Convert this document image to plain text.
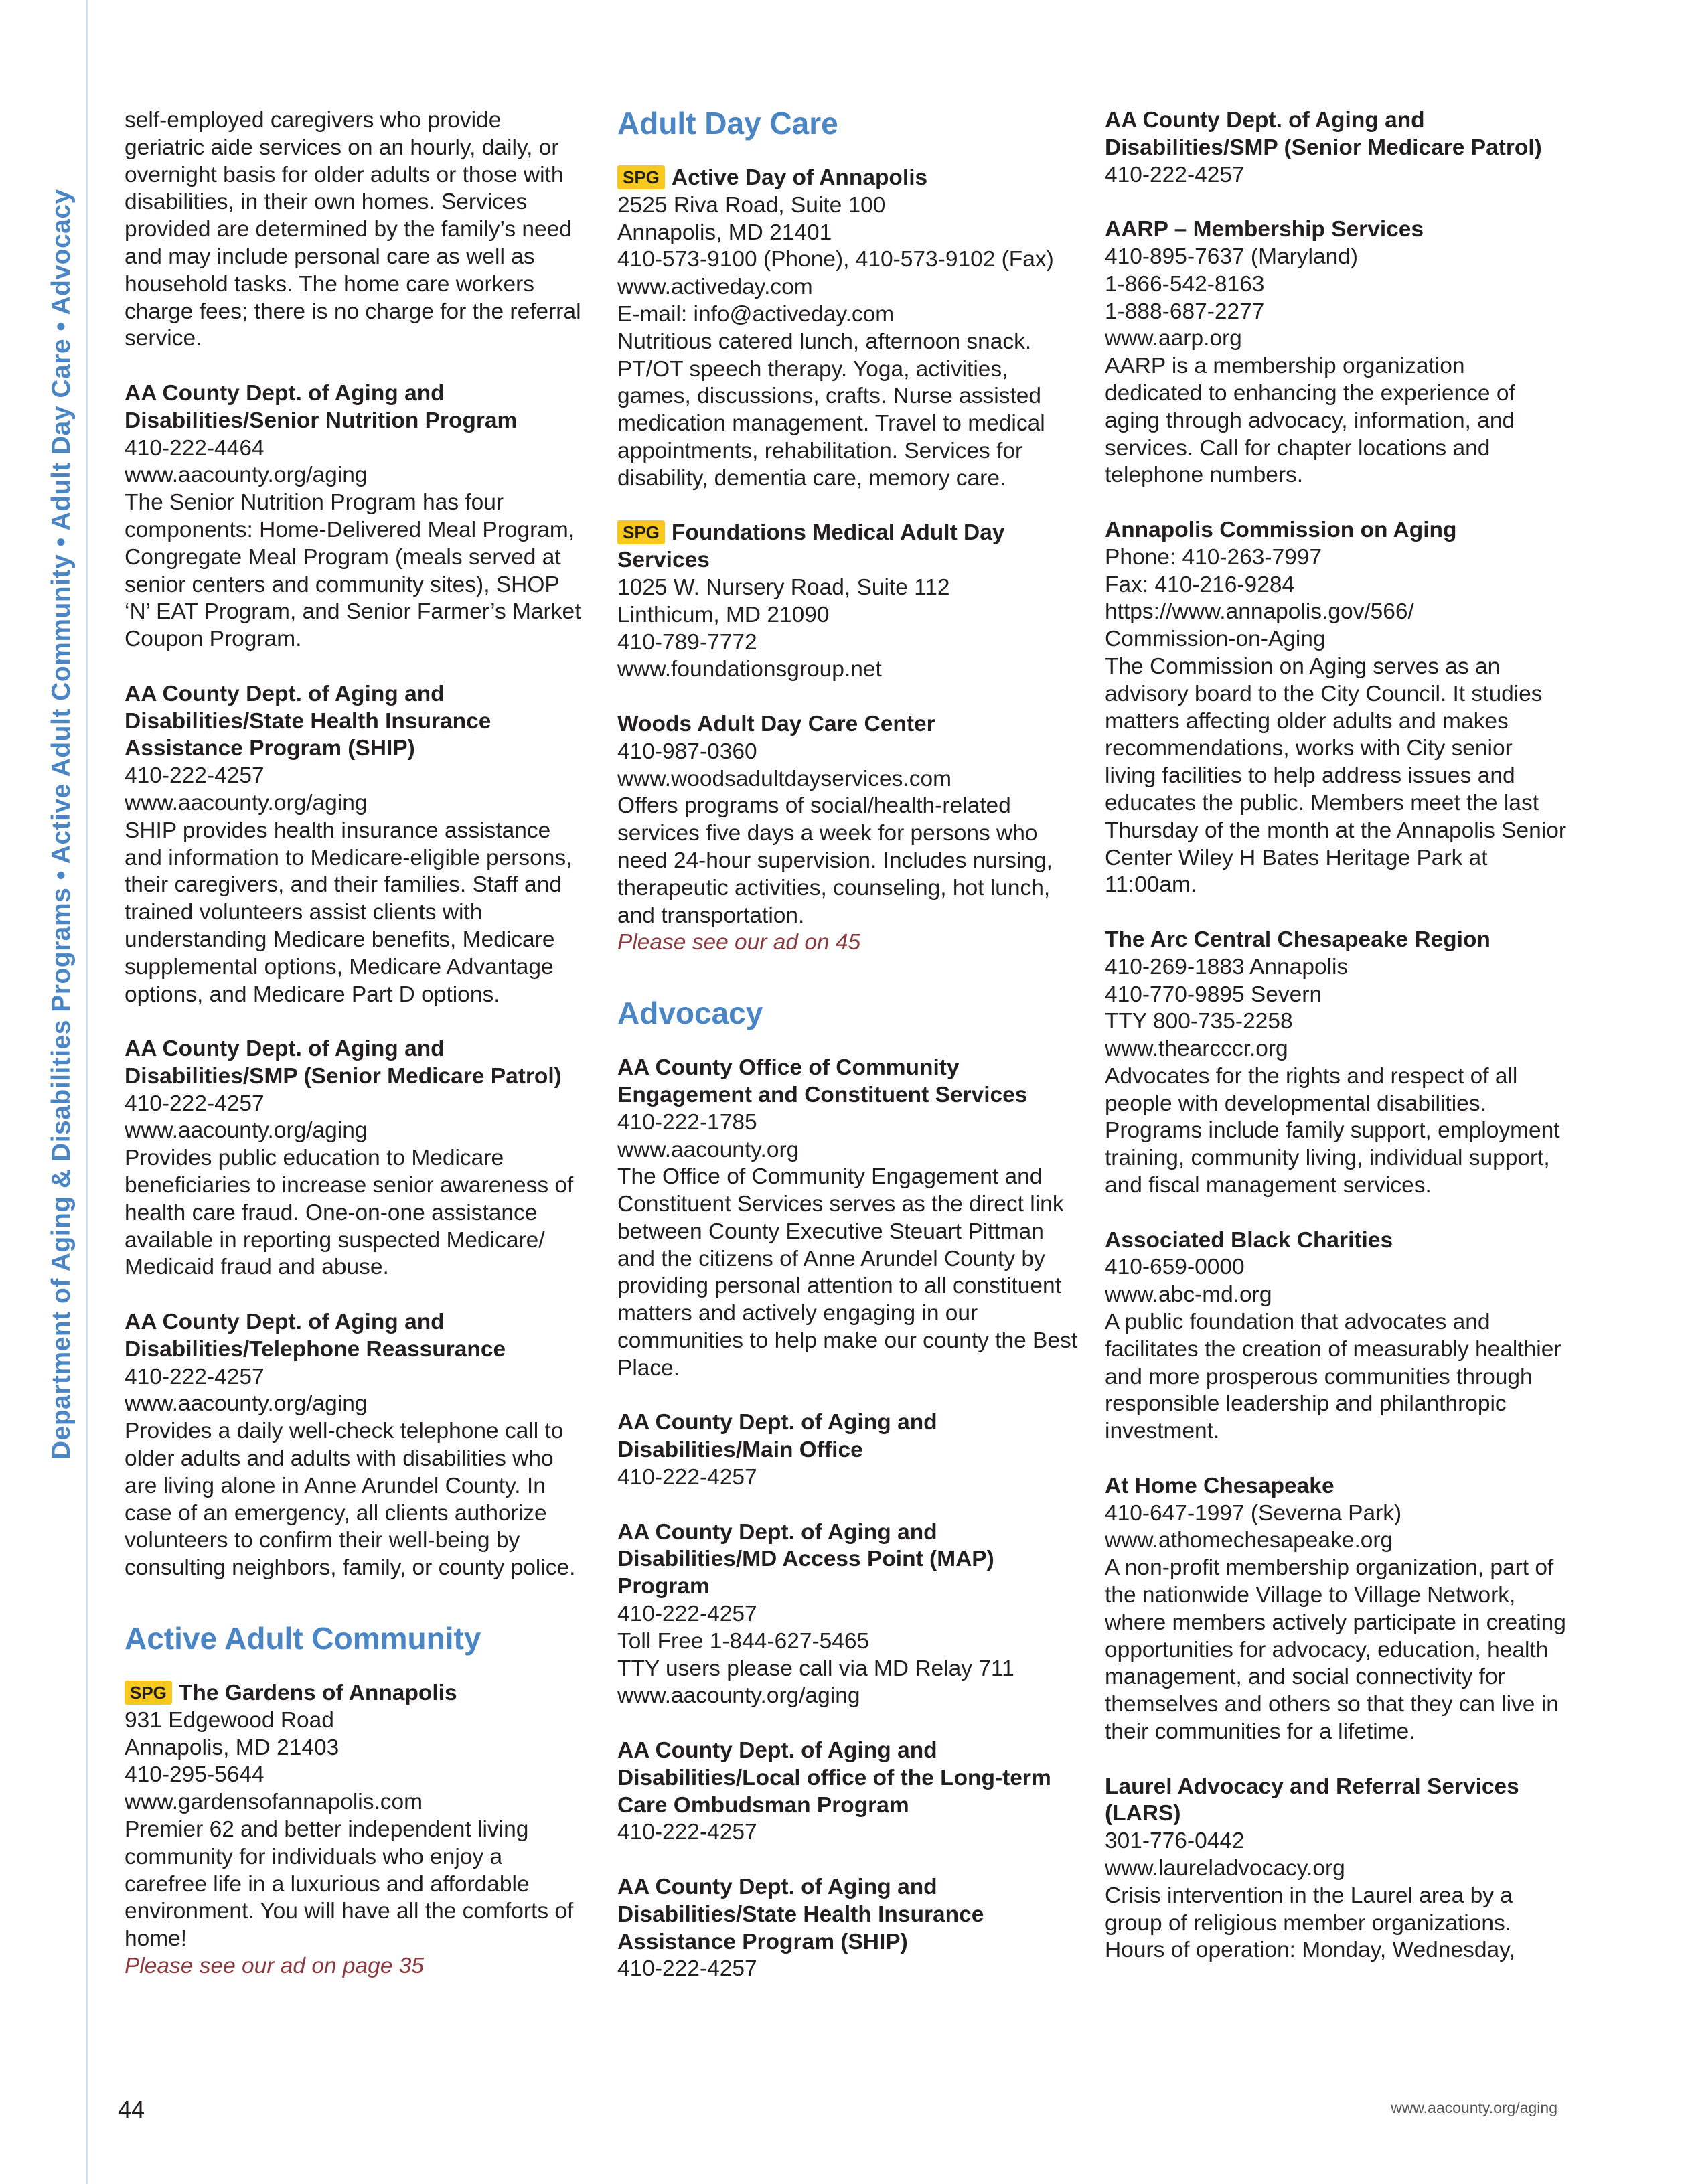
Department of Aging & Disabilities Programs • Active Adult Community • Adult Day Care • Advocacy

self-employed caregivers who provide geriatric aide services on an hourly, daily, or overnight basis for older adults or those with disabilities, in their own homes. Services provided are determined by the family’s need and may include personal care as well as household tasks. The home care workers charge fees; there is no charge for the referral service.

AA County Dept. of Aging and Disabilities/Senior Nutrition Program

410-222-4464

www.aacounty.org/aging

The Senior Nutrition Program has four components: Home-Delivered Meal Program, Congregate Meal Program (meals served at senior centers and community sites), SHOP ‘N’ EAT Program, and Senior Farmer’s Market Coupon Program.

AA County Dept. of Aging and Disabilities/State Health Insurance Assistance Program (SHIP)

410-222-4257

www.aacounty.org/aging

SHIP provides health insurance assistance and information to Medicare-eligible persons, their caregivers, and their families. Staff and trained volunteers assist clients with understanding Medicare benefits, Medicare supplemental options, Medicare Advantage options, and Medicare Part D options.

AA County Dept. of Aging and Disabilities/SMP (Senior Medicare Patrol)

410-222-4257

www.aacounty.org/aging

Provides public education to Medicare beneficiaries to increase senior awareness of health care fraud. One-on-one assistance available in reporting suspected Medicare/ Medicaid fraud and abuse.

AA County Dept. of Aging and Disabilities/Telephone Reassurance

410-222-4257

www.aacounty.org/aging

Provides a daily well-check telephone call to older adults and adults with disabilities who are living alone in Anne Arundel County. In case of an emergency, all clients authorize volunteers to confirm their well-being by consulting neighbors, family, or county police.

Active Adult Community

SPG The Gardens of Annapolis

931 Edgewood Road

Annapolis, MD 21403

410-295-5644

www.gardensofannapolis.com

Premier 62 and better independent living community for individuals who enjoy a carefree life in a luxurious and affordable environment. You will have all the comforts of home!

Please see our ad on page 35

Adult Day Care

SPG Active Day of Annapolis

2525 Riva Road, Suite 100

Annapolis, MD 21401

410-573-9100 (Phone), 410-573-9102 (Fax)

www.activeday.com

E-mail: info@activeday.com

Nutritious catered lunch, afternoon snack. PT/OT speech therapy. Yoga, activities, games, discussions, crafts. Nurse assisted medication management. Travel to medical appointments, rehabilitation. Services for disability, dementia care, memory care.

SPG Foundations Medical Adult Day Services

1025 W. Nursery Road, Suite 112

Linthicum, MD 21090

410-789-7772

www.foundationsgroup.net

Woods Adult Day Care Center

410-987-0360

www.woodsadultdayservices.com

Offers programs of social/health-related services five days a week for persons who need 24-hour supervision. Includes nursing, therapeutic activities, counseling, hot lunch, and transportation.

Please see our ad on 45

Advocacy

AA County Office of Community Engagement and Constituent Services

410-222-1785

www.aacounty.org

The Office of Community Engagement and Constituent Services serves as the direct link between County Executive Steuart Pittman and the citizens of Anne Arundel County by providing personal attention to all constituent matters and actively engaging in our communities to help make our county the Best Place.

AA County Dept. of Aging and Disabilities/Main Office

410-222-4257

AA County Dept. of Aging and Disabilities/MD Access Point (MAP) Program

410-222-4257

Toll Free 1-844-627-5465

TTY users please call via MD Relay 711

www.aacounty.org/aging

AA County Dept. of Aging and Disabilities/Local office of the Long-term Care Ombudsman Program

410-222-4257

AA County Dept. of Aging and Disabilities/State Health Insurance Assistance Program (SHIP)

410-222-4257

AA County Dept. of Aging and Disabilities/SMP (Senior Medicare Patrol)

410-222-4257

AARP – Membership Services

410-895-7637 (Maryland)

1-866-542-8163

1-888-687-2277

www.aarp.org

AARP is a membership organization dedicated to enhancing the experience of aging through advocacy, information, and services. Call for chapter locations and telephone numbers.

Annapolis Commission on Aging

Phone: 410-263-7997

Fax: 410-216-9284

https://www.annapolis.gov/566/

Commission-on-Aging

The Commission on Aging serves as an advisory board to the City Council. It studies matters affecting older adults and makes recommendations, works with City senior living facilities to help address issues and educates the public. Members meet the last Thursday of the month at the Annapolis Senior Center Wiley H Bates Heritage Park at 11:00am.

The Arc Central Chesapeake Region

410-269-1883 Annapolis

410-770-9895 Severn

TTY 800-735-2258

www.thearcccr.org

Advocates for the rights and respect of all people with developmental disabilities. Programs include family support, employment training, community living, individual support, and fiscal management services.

Associated Black Charities

410-659-0000

www.abc-md.org

A public foundation that advocates and facilitates the creation of measurably healthier and more prosperous communities through responsible leadership and philanthropic investment.

At Home Chesapeake

410-647-1997 (Severna Park)

www.athomechesapeake.org

A non-profit membership organization, part of the nationwide Village to Village Network, where members actively participate in creating opportunities for advocacy, education, health management, and social connectivity for themselves and others so that they can live in their communities for a lifetime.

Laurel Advocacy and Referral Services (LARS)

301-776-0442

www.laureladvocacy.org

Crisis intervention in the Laurel area by a group of religious member organizations. Hours of operation: Monday, Wednesday,

44	www.aacounty.org/aging
